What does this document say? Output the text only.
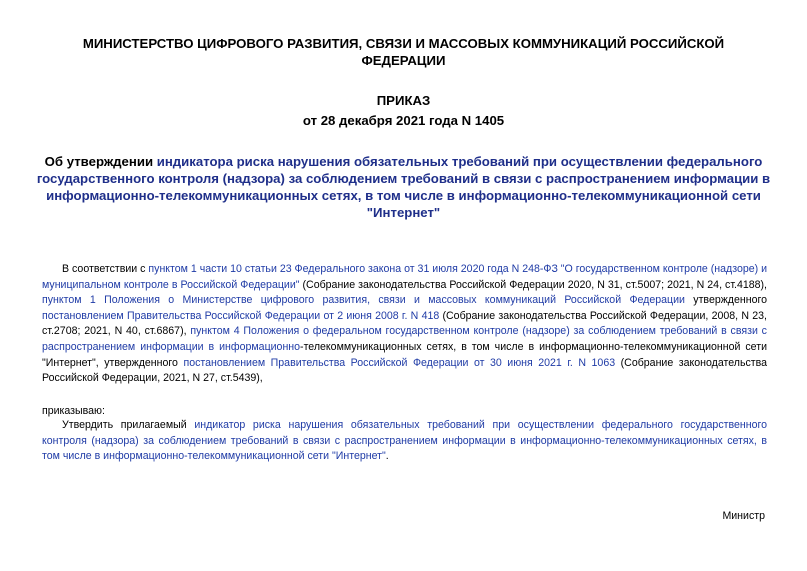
МИНИСТЕРСТВО ЦИФРОВОГО РАЗВИТИЯ, СВЯЗИ И МАССОВЫХ КОММУНИКАЦИЙ РОССИЙСКОЙ ФЕДЕРАЦИИ
ПРИКАЗ
от 28 декабря 2021 года N 1405
Об утверждении индикатора риска нарушения обязательных требований при осуществлении федерального государственного контроля (надзора) за соблюдением требований в связи с распространением информации в информационно-телекоммуникационных сетях, в том числе в информационно-телекоммуникационной сети "Интернет"
В соответствии с пунктом 1 части 10 статьи 23 Федерального закона от 31 июля 2020 года N 248-ФЗ "О государственном контроле (надзоре) и муниципальном контроле в Российской Федерации" (Собрание законодательства Российской Федерации 2020, N 31, ст.5007; 2021, N 24, ст.4188), пунктом 1 Положения о Министерстве цифрового развития, связи и массовых коммуникаций Российской Федерации утвержденного постановлением Правительства Российской Федерации от 2 июня 2008 г. N 418 (Собрание законодательства Российской Федерации, 2008, N 23, ст.2708; 2021, N 40, ст.6867), пунктом 4 Положения о федеральном государственном контроле (надзоре) за соблюдением требований в связи с распространением информации в информационно-телекоммуникационных сетях, в том числе в информационно-телекоммуникационной сети "Интернет", утвержденного постановлением Правительства Российской Федерации от 30 июня 2021 г. N 1063 (Собрание законодательства Российской Федерации, 2021, N 27, ст.5439),
приказываю:
Утвердить прилагаемый индикатор риска нарушения обязательных требований при осуществлении федерального государственного контроля (надзора) за соблюдением требований в связи с распространением информации в информационно-телекоммуникационных сетях, в том числе в информационно-телекоммуникационной сети "Интернет".
Министр
